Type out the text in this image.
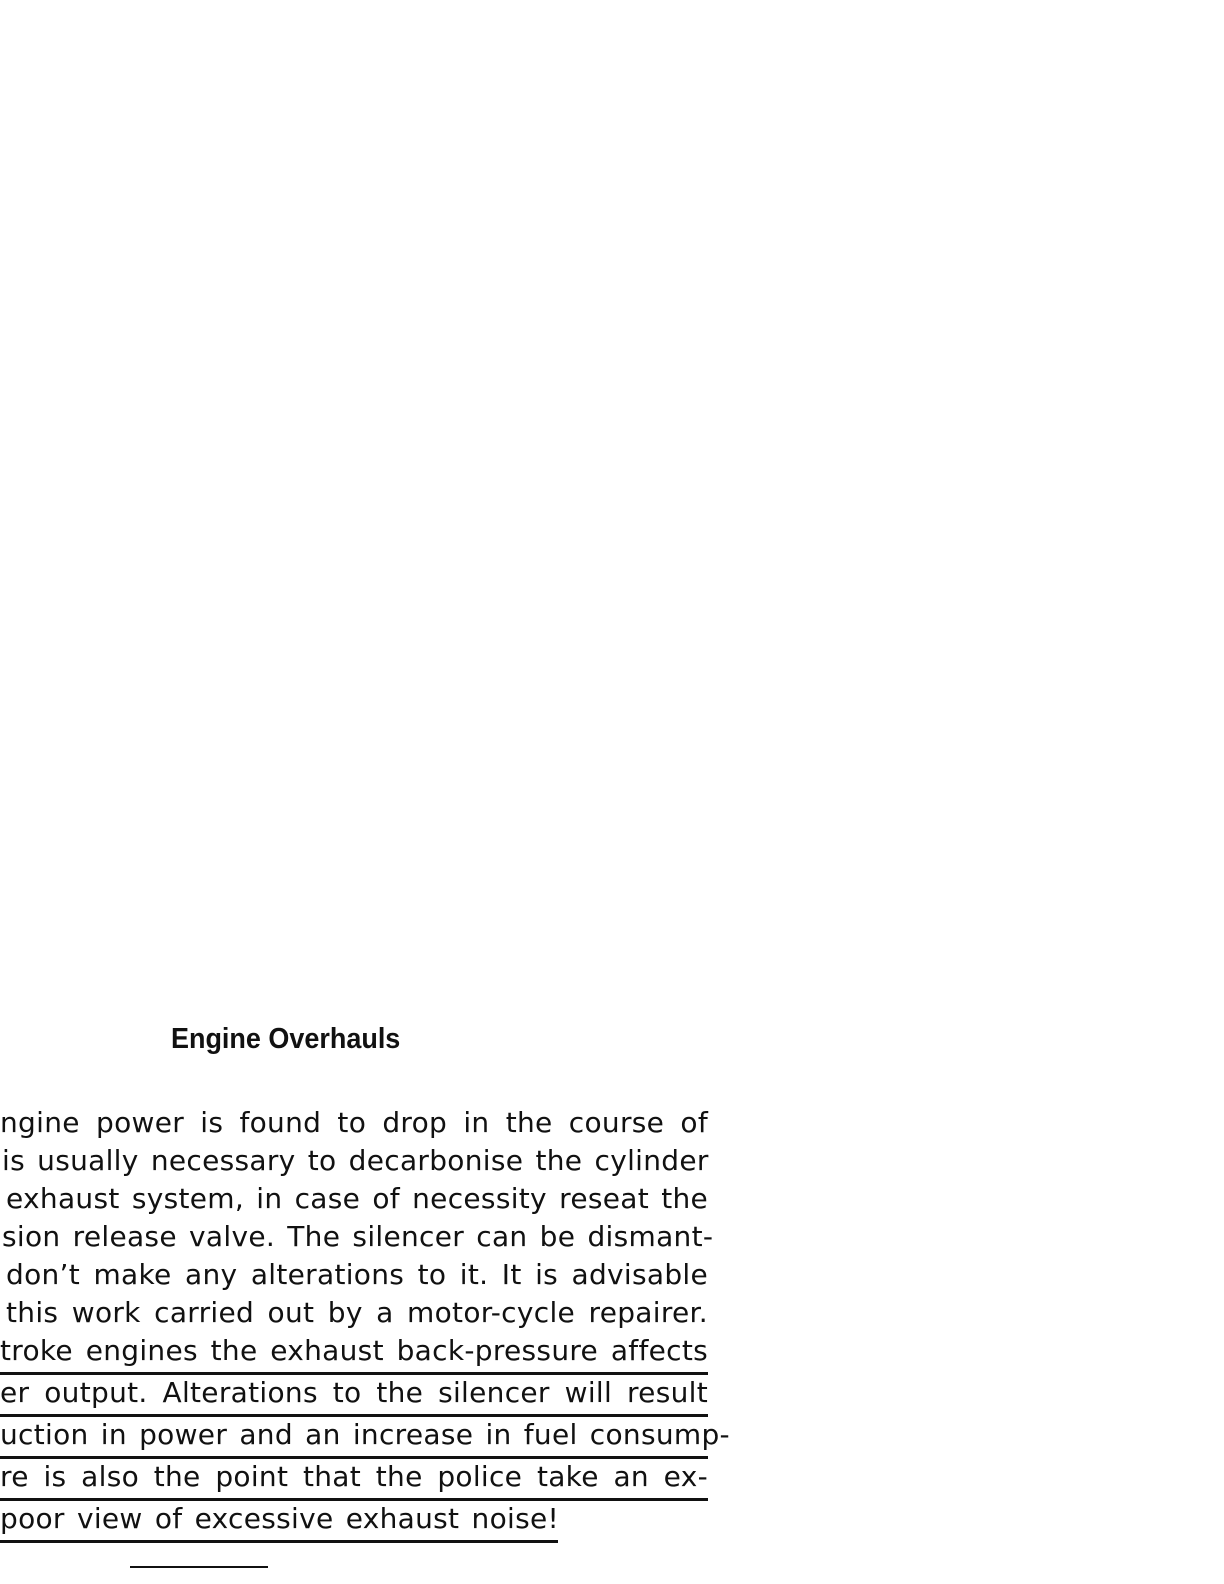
Engine Overhauls
ngine power is found to drop in the course of
is usually necessary to decarbonise the cylinder
exhaust system, in case of necessity reseat the
sion release valve. The silencer can be dismant-
don’t make any alterations to it. It is advisable
this work carried out by a motor-cycle repairer.
troke engines the exhaust back-pressure affects
er output. Alterations to the silencer will result
uction in power and an increase in fuel consump-
re is also the point that the police take an ex-
poor view of excessive exhaust noise!
